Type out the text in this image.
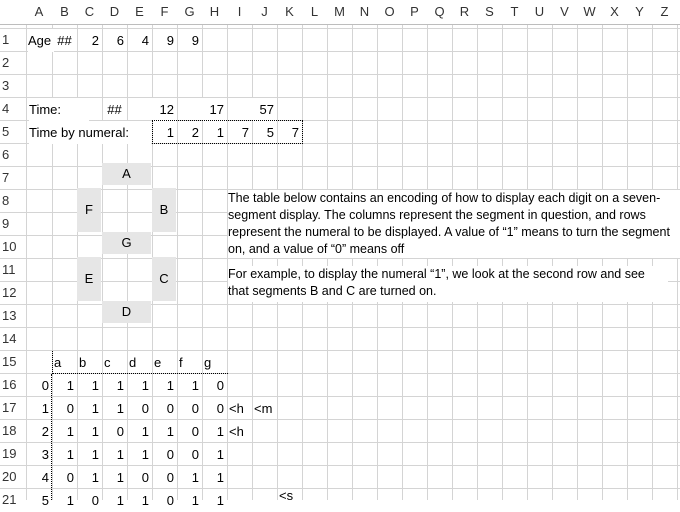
A	B	C	D	E	F	G	H	I	J	K	L	M	N	O	P	Q	R	S	T	U	V	W	X	Y	Z
1
2
3
4
5
6
7
8
9
10
11
12
13
14
15
16
17
18
19
20
21
Age ##	2	6	4	9	9
Time:	##	12	17	57
Time by numeral:	1	2	1	7	5	7
A
F	B
G
E	C
D
The table below contains an encoding of how to display each digit on a seven-segment display. The columns represent the segment in question, and rows represent the numeral to be displayed. A value of “1” means to turn the segment on, and a value of “0” means off
For example, to display the numeral “1”, we look at the second row and see that segments B and C are turned on.
a	b	c	d	e	f	g
0	1	1	1	1	1	1	0
1	0	1	1	0	0	0	0 <h <m
2	1	1	0	1	1	0	1 <h
3	1	1	1	1	0	0	1
4	0	1	1	0	0	1	1
5	1	0	1	1	0	1	1	<s
